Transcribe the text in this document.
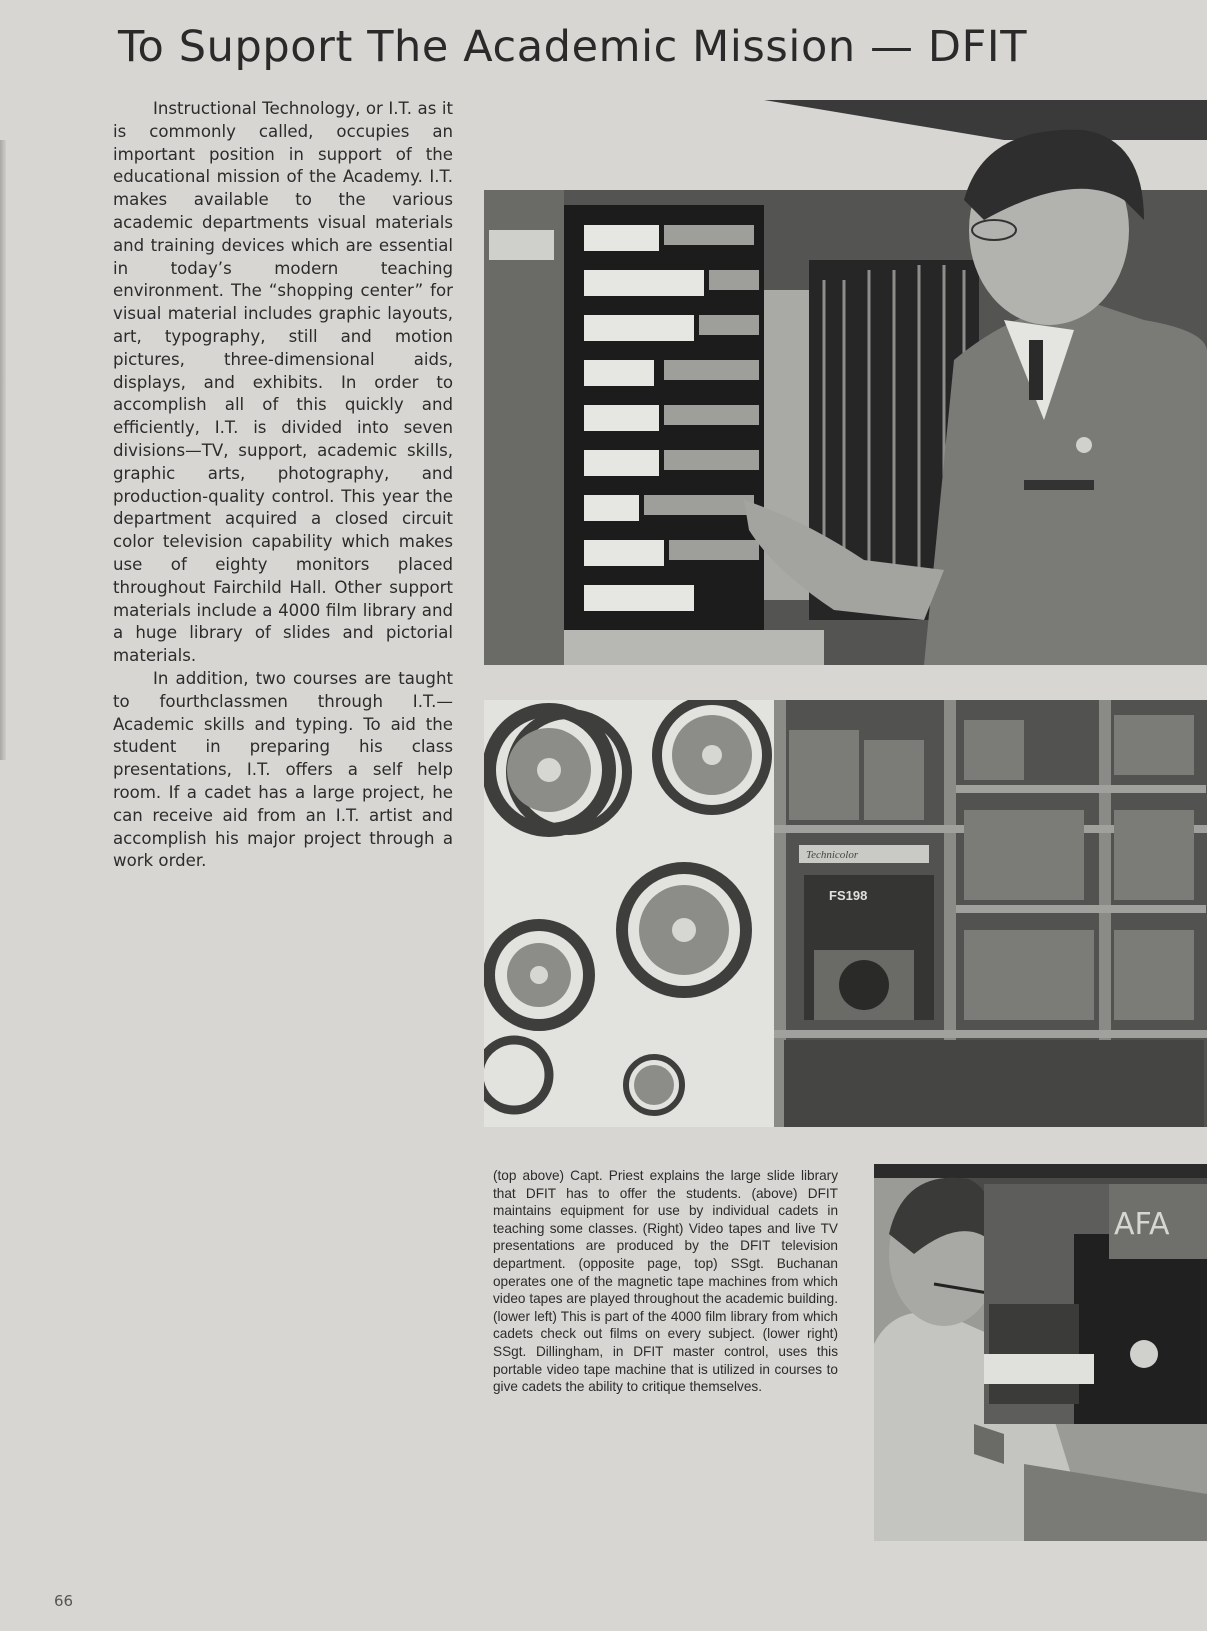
To Support The Academic Mission — DFIT

Instructional Technology, or I.T. as it is commonly called, occupies an important position in support of the educational mission of the Academy. I.T. makes available to the various academic departments visual materials and training devices which are essential in today’s modern teaching environment. The “shopping center” for visual material includes graphic layouts, art, typography, still and motion pictures, three-dimensional aids, displays, and exhibits. In order to accomplish all of this quickly and efficiently, I.T. is divided into seven divisions—TV, support, academic skills, graphic arts, photography, and production-quality control. This year the department acquired a closed circuit color television capability which makes use of eighty monitors placed throughout Fairchild Hall. Other support materials include a 4000 film library and a huge library of slides and pictorial materials.

In addition, two courses are taught to fourthclassmen through I.T.—Academic skills and typing. To aid the student in preparing his class presentations, I.T. offers a self help room. If a cadet has a large project, he can receive aid from an I.T. artist and accomplish his major project through a work order.

FS198
Technicolor

(top above) Capt. Priest explains the large slide library that DFIT has to offer the students. (above) DFIT maintains equipment for use by individual cadets in teaching some classes. (Right) Video tapes and live TV presentations are produced by the DFIT television department. (opposite page, top) SSgt. Buchanan operates one of the magnetic tape machines from which video tapes are played throughout the academic building. (lower left) This is part of the 4000 film library from which cadets check out films on every subject. (lower right) SSgt. Dillingham, in DFIT master control, uses this portable video tape machine that is utilized in courses to give cadets the ability to critique themselves.

AFA
66
